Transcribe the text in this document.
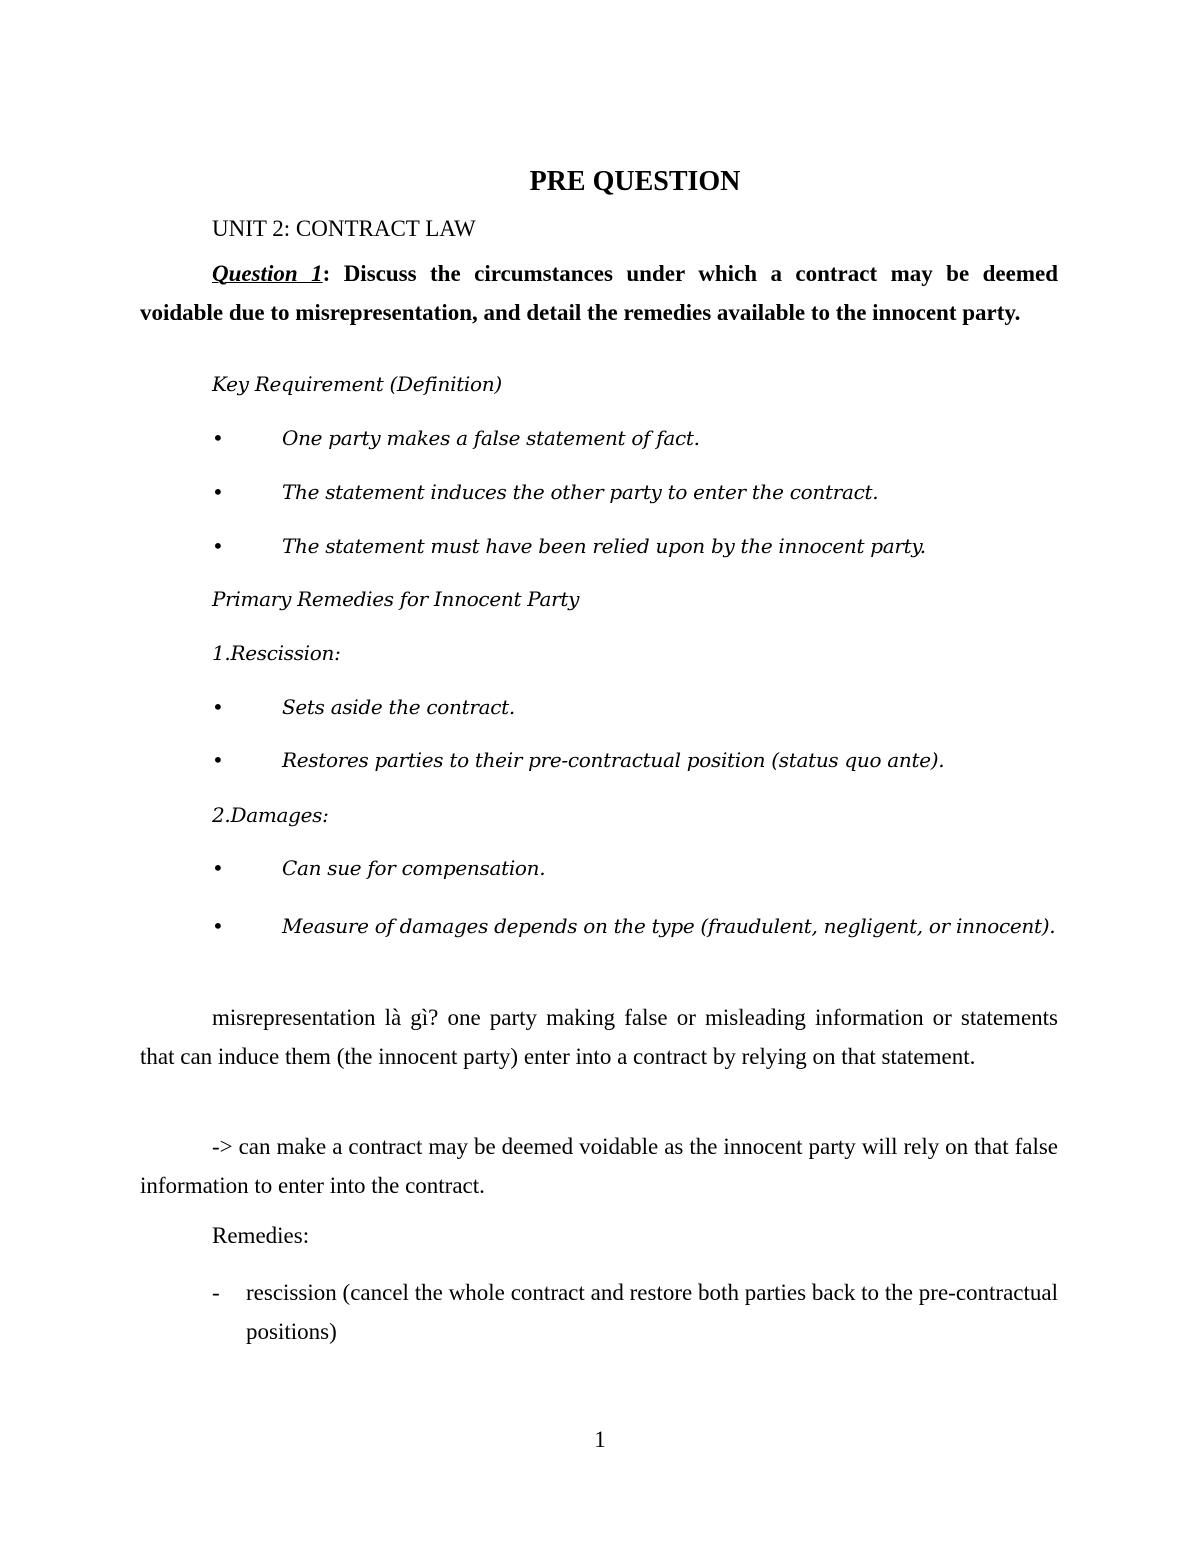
PRE QUESTION
UNIT 2: CONTRACT LAW

Question 1: Discuss the circumstances under which a contract may be deemed voidable due to misrepresentation, and detail the remedies available to the innocent party.

Key Requirement (Definition)
•	One party makes a false statement of fact.
•	The statement induces the other party to enter the contract.
•	The statement must have been relied upon by the innocent party.
Primary Remedies for Innocent Party
1.Rescission:
•	Sets aside the contract.
•	Restores parties to their pre-contractual position (status quo ante).
2.Damages:
•	Can sue for compensation.

•	Measure of damages depends on the type (fraudulent, negligent, or innocent).

misrepresentation là gì? one party making false or misleading information or statements that can induce them (the innocent party) enter into a contract by relying on that statement.

-> can make a contract may be deemed voidable as the innocent party will rely on that false information to enter into the contract.

Remedies:

- rescission (cancel the whole contract and restore both parties back to the pre-contractual positions)

1
